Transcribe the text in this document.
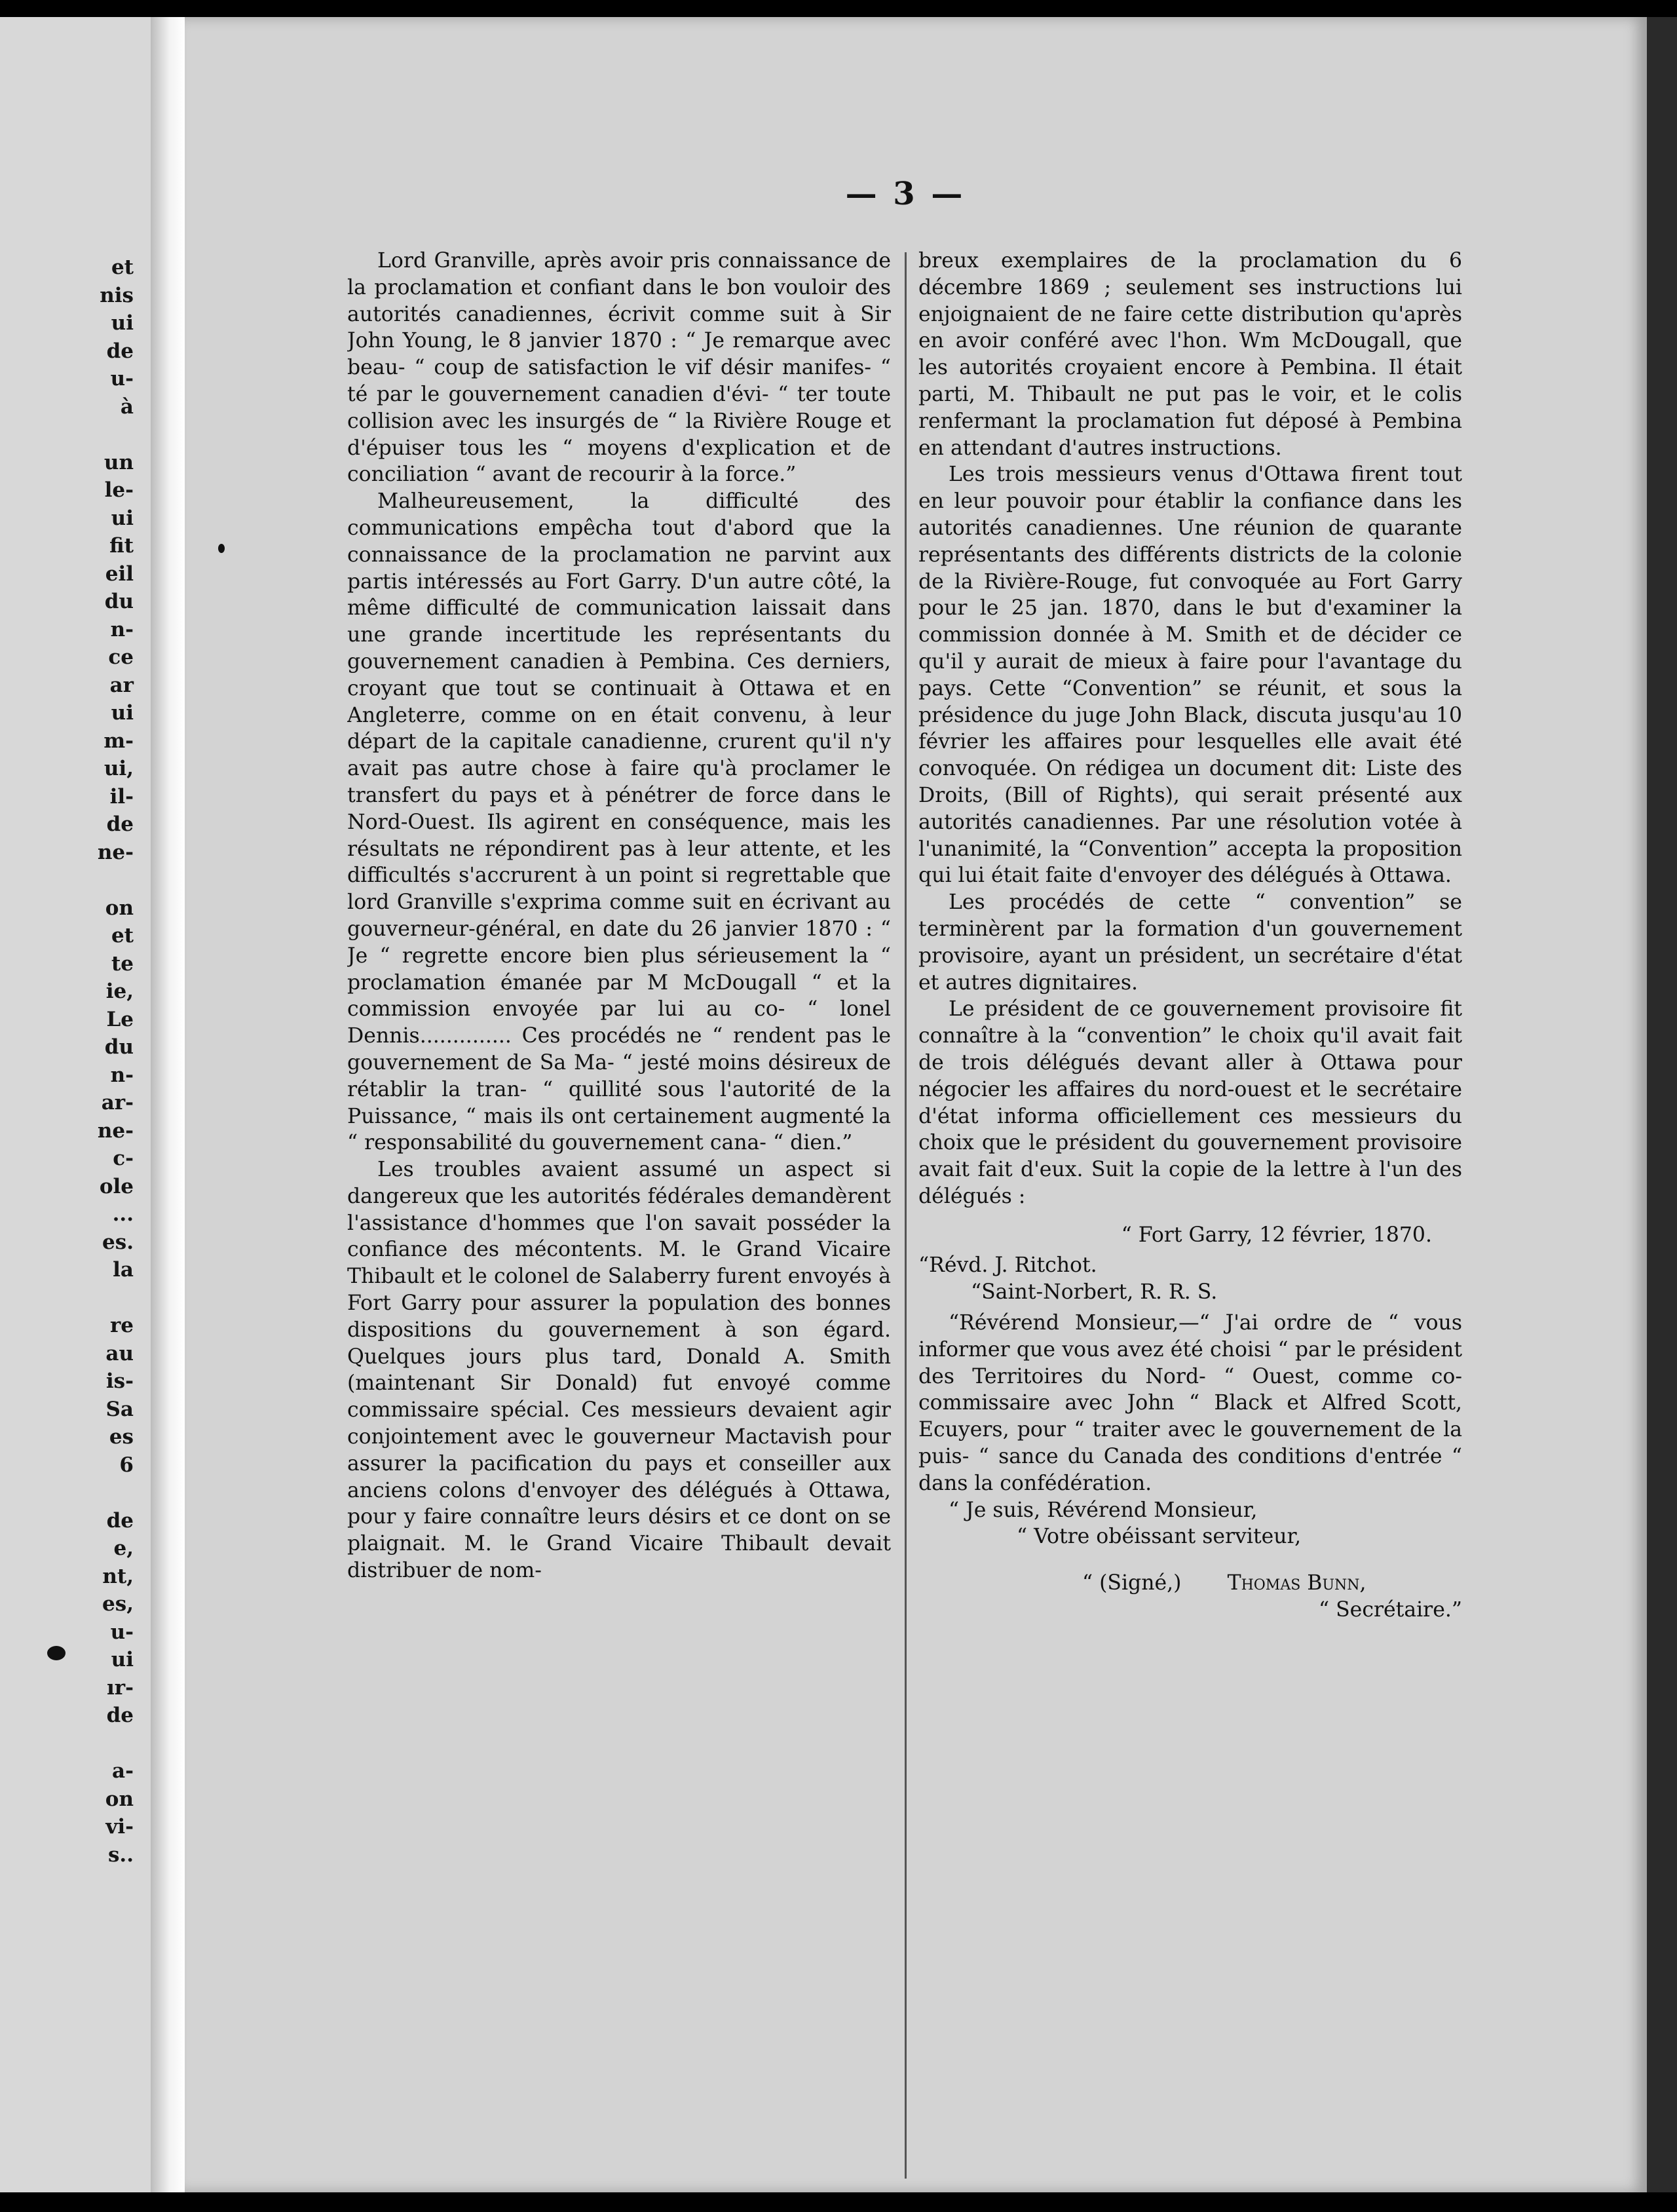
et
nis
ui
de
u-
à
un
le-
ui
fit
eil
du
n-
ce
ar
ui
m-
ui,
il-
de
ne-
on
et
te
ie,
Le
du
n-
ar-
ne-
c-
ole
...
es.
la
re
au
is-
Sa
es
6
de
e,
nt,
es,
u-
ui
ır-
de
a-
on
vi-
s..
— 3 —

Lord Granville, après avoir pris connaissance de la proclamation et confiant dans le bon vouloir des autorités canadiennes, écrivit comme suit à Sir John Young, le 8 janvier 1870 : “ Je remarque avec beau- “ coup de satisfaction le vif désir manifes- “ té par le gouvernement canadien d'évi- “ ter toute collision avec les insurgés de “ la Rivière Rouge et d'épuiser tous les “ moyens d'explication et de conciliation “ avant de recourir à la force.”

Malheureusement, la difficulté des communications empêcha tout d'abord que la connaissance de la proclamation ne parvint aux partis intéressés au Fort Garry. D'un autre côté, la même difficulté de communication laissait dans une grande incertitude les représentants du gouvernement canadien à Pembina. Ces derniers, croyant que tout se continuait à Ottawa et en Angleterre, comme on en était convenu, à leur départ de la capitale canadienne, crurent qu'il n'y avait pas autre chose à faire qu'à proclamer le transfert du pays et à pénétrer de force dans le Nord-Ouest. Ils agirent en conséquence, mais les résultats ne répondirent pas à leur attente, et les difficultés s'accrurent à un point si regrettable que lord Granville s'exprima comme suit en écrivant au gouverneur-général, en date du 26 janvier 1870 : “ Je “ regrette encore bien plus sérieusement la “ proclamation émanée par M McDougall “ et la commission envoyée par lui au co- “ lonel Dennis.............. Ces procédés ne “ rendent pas le gouvernement de Sa Ma- “ jesté moins désireux de rétablir la tran- “ quillité sous l'autorité de la Puissance, “ mais ils ont certainement augmenté la “ responsabilité du gouvernement cana- “ dien.”

Les troubles avaient assumé un aspect si dangereux que les autorités fédérales demandèrent l'assistance d'hommes que l'on savait posséder la confiance des mécontents. M. le Grand Vicaire Thibault et le colonel de Salaberry furent envoyés à Fort Garry pour assurer la population des bonnes dispositions du gouvernement à son égard. Quelques jours plus tard, Donald A. Smith (maintenant Sir Donald) fut envoyé comme commissaire spécial. Ces messieurs devaient agir conjointement avec le gouverneur Mactavish pour assurer la pacification du pays et conseiller aux anciens colons d'envoyer des délégués à Ottawa, pour y faire connaître leurs désirs et ce dont on se plaignait. M. le Grand Vicaire Thibault devait distribuer de nom-

breux exemplaires de la proclamation du 6 décembre 1869 ; seulement ses instructions lui enjoignaient de ne faire cette distribution qu'après en avoir conféré avec l'hon. Wm McDougall, que les autorités croyaient encore à Pembina. Il était parti, M. Thibault ne put pas le voir, et le colis renfermant la proclamation fut déposé à Pembina en attendant d'autres instructions.

Les trois messieurs venus d'Ottawa firent tout en leur pouvoir pour établir la confiance dans les autorités canadiennes. Une réunion de quarante représentants des différents districts de la colonie de la Rivière-Rouge, fut convoquée au Fort Garry pour le 25 jan. 1870, dans le but d'examiner la commission donnée à M. Smith et de décider ce qu'il y aurait de mieux à faire pour l'avantage du pays. Cette “Convention” se réunit, et sous la présidence du juge John Black, discuta jusqu'au 10 février les affaires pour lesquelles elle avait été convoquée. On rédigea un document dit: Liste des Droits, (Bill of Rights), qui serait présenté aux autorités canadiennes. Par une résolution votée à l'unanimité, la “Convention” accepta la proposition qui lui était faite d'envoyer des délégués à Ottawa.

Les procédés de cette “ convention” se terminèrent par la formation d'un gouvernement provisoire, ayant un président, un secrétaire d'état et autres dignitaires.

Le président de ce gouvernement provisoire fit connaître à la “convention” le choix qu'il avait fait de trois délégués devant aller à Ottawa pour négocier les affaires du nord-ouest et le secrétaire d'état informa officiellement ces messieurs du choix que le président du gouvernement provisoire avait fait d'eux. Suit la copie de la lettre à l'un des délégués :

“ Fort Garry, 12 février, 1870.

“Révd. J. Ritchot.

“Saint-Norbert, R. R. S.

“Révérend Monsieur,—“ J'ai ordre de “ vous informer que vous avez été choisi “ par le président des Territoires du Nord- “ Ouest, comme co-commissaire avec John “ Black et Alfred Scott, Ecuyers, pour “ traiter avec le gouvernement de la puis- “ sance du Canada des conditions d'entrée “ dans la confédération.

“ Je suis, Révérend Monsieur,

“ Votre obéissant serviteur,

“ (Signé,) Thomas Bunn,

“ Secrétaire.”
